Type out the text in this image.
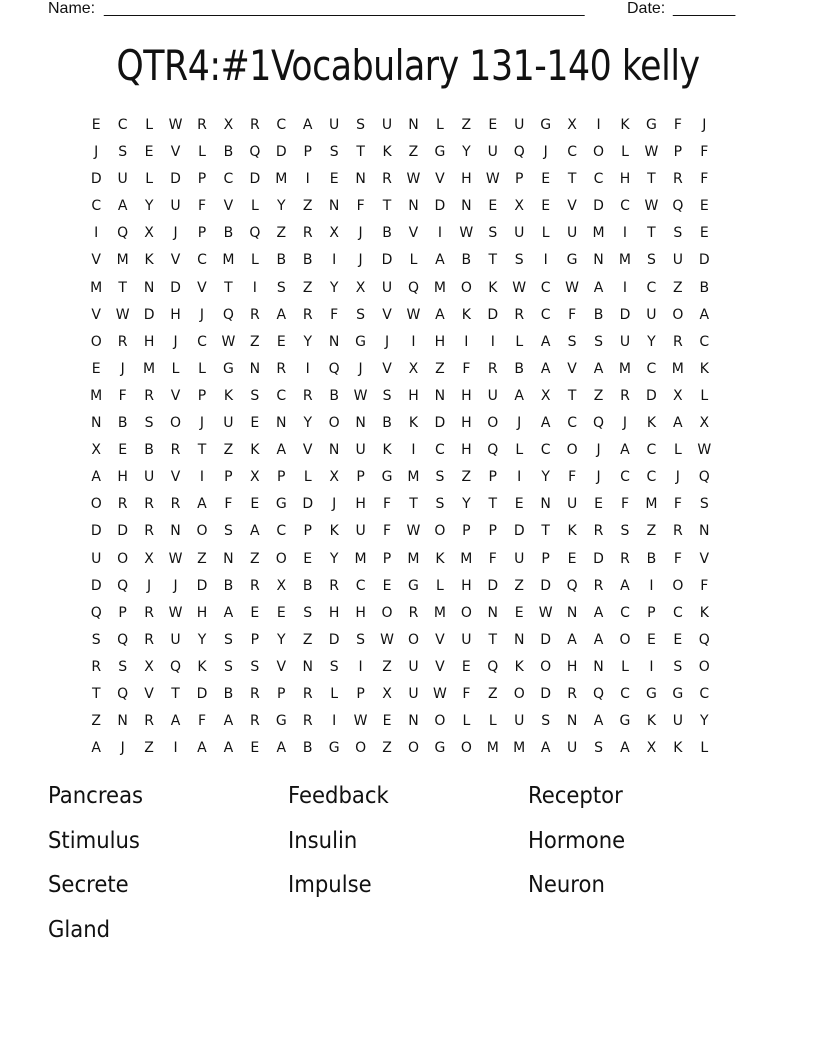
Name: ______________________________________________________	Date: _______
QTR4:#1Vocabulary 131-140 kelly
E	C	L	W	R	X	R	C	A	U	S	U	N	L	Z	E	U	G	X	I	K	G	F	J
J	S	E	V	L	B	Q	D	P	S	T	K	Z	G	Y	U	Q	J	C	O	L	W	P	F
D	U	L	D	P	C	D	M	I	E	N	R	W	V	H	W	P	E	T	C	H	T	R	F
C	A	Y	U	F	V	L	Y	Z	N	F	T	N	D	N	E	X	E	V	D	C	W	Q	E
I	Q	X	J	P	B	Q	Z	R	X	J	B	V	I	W	S	U	L	U	M	I	T	S	E
V	M	K	V	C	M	L	B	B	I	J	D	L	A	B	T	S	I	G	N	M	S	U	D
M	T	N	D	V	T	I	S	Z	Y	X	U	Q	M	O	K	W	C	W	A	I	C	Z	B
V	W	D	H	J	Q	R	A	R	F	S	V	W	A	K	D	R	C	F	B	D	U	O	A
O	R	H	J	C	W	Z	E	Y	N	G	J	I	H	I	I	L	A	S	S	U	Y	R	C
E	J	M	L	L	G	N	R	I	Q	J	V	X	Z	F	R	B	A	V	A	M	C	M	K
M	F	R	V	P	K	S	C	R	B	W	S	H	N	H	U	A	X	T	Z	R	D	X	L
N	B	S	O	J	U	E	N	Y	O	N	B	K	D	H	O	J	A	C	Q	J	K	A	X
X	E	B	R	T	Z	K	A	V	N	U	K	I	C	H	Q	L	C	O	J	A	C	L	W
A	H	U	V	I	P	X	P	L	X	P	G	M	S	Z	P	I	Y	F	J	C	C	J	Q
O	R	R	R	A	F	E	G	D	J	H	F	T	S	Y	T	E	N	U	E	F	M	F	S
D	D	R	N	O	S	A	C	P	K	U	F	W	O	P	P	D	T	K	R	S	Z	R	N
U	O	X	W	Z	N	Z	O	E	Y	M	P	M	K	M	F	U	P	E	D	R	B	F	V
D	Q	J	J	D	B	R	X	B	R	C	E	G	L	H	D	Z	D	Q	R	A	I	O	F
Q	P	R	W	H	A	E	E	S	H	H	O	R	M	O	N	E	W	N	A	C	P	C	K
S	Q	R	U	Y	S	P	Y	Z	D	S	W	O	V	U	T	N	D	A	A	O	E	E	Q
R	S	X	Q	K	S	S	V	N	S	I	Z	U	V	E	Q	K	O	H	N	L	I	S	O
T	Q	V	T	D	B	R	P	R	L	P	X	U	W	F	Z	O	D	R	Q	C	G	G	C
Z	N	R	A	F	A	R	G	R	I	W	E	N	O	L	L	U	S	N	A	G	K	U	Y
A	J	Z	I	A	A	E	A	B	G	O	Z	O	G	O	M	M	A	U	S	A	X	K	L
Pancreas	Feedback	Receptor
Stimulus	Insulin	Hormone
Secrete	Impulse	Neuron
Gland
